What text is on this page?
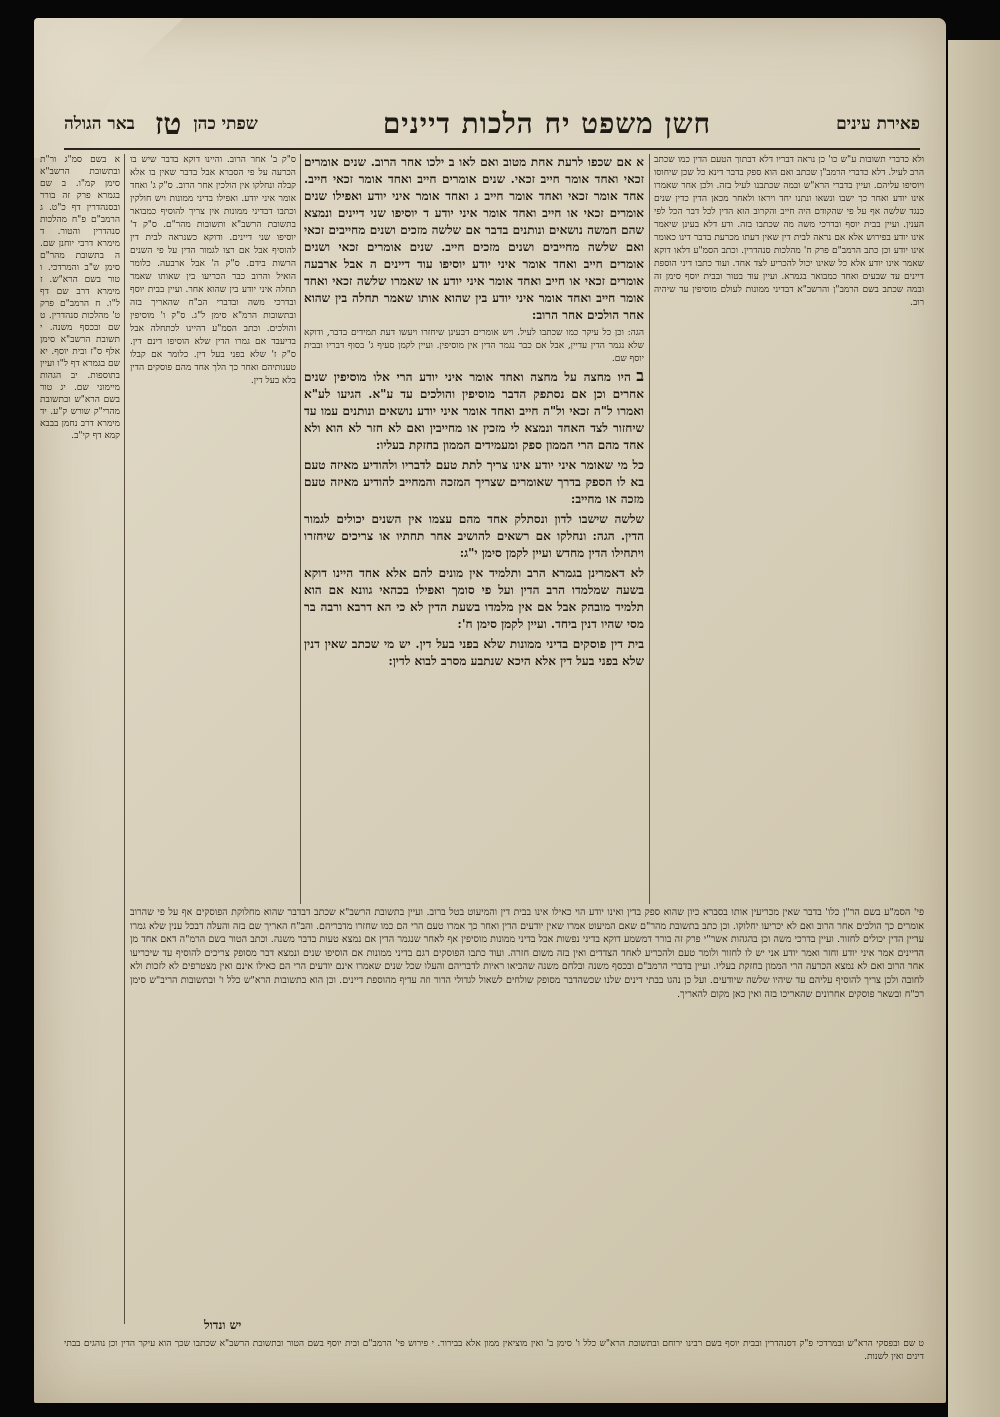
פאירת עינים
חשן משפט יח הלכות דיינים
שפתי כהן
טז
באר הגולה

ולא כדברי תשובות ע"ש כו' כן נראה דבריו דלא דבתוך הטעם הדין כמו שכתב הרב לעיל. דלא כדברי הרמב"ן שכתב ואם הוא ספק בדבר דינא כל שכן שיחוסו ויוסיפו עליהם. ועיין בדברי הרא"ש ובמה שכתבנו לעיל בזה. ולכן אחר שאמרו אינו יודע ואחר כך ישבו ונשאו ונתנו יחד ויראו ולאחר מכאן הדין כדין שנים כנגד שלשה אף על פי שהקודם היה חייב והקרוב הוא הדין לכל דבר הכל לפי הענין. ועיין בבית יוסף ובדרכי משה מה שכתבו בזה. ודע דלא בעינן שיאמר אינו יודע בפירוש אלא אם נראה לבית דין שאין דעתו מכרעת בדבר דינו כאומר אינו יודע וכן כתב הרמב"ם פרק ח' מהלכות סנהדרין. וכתב הסמ"ע דלאו דוקא שאמר אינו יודע אלא כל שאינו יכול להכריע לצד אחד. ועוד כתבו דיני הוספת דיינים עד שבעים ואחד כמבואר בגמרא. ועיין עוד בטור ובבית יוסף סימן זה ובמה שכתב בשם הרמב"ן והרשב"א דבדיני ממונות לעולם מוסיפין עד שיהיה רוב.

א אם שכפו לרעת אחת מטוב ואם לאו ב ילכו אחר הרוב. שנים אומרים זכאי ואחד אומר חייב זכאי. שנים אומרים חייב ואחד אומר זכאי חייב. אחד אומר זכאי ואחד אומר חייב ג ואחד אומר איני יודע ואפילו שנים אומרים זכאי או חייב ואחד אומר איני יודע ד יוסיפו שני דיינים ונמצא שהם חמשה נושאים ונותנים בדבר אם שלשה מזכים ושנים מחייבים זכאי ואם שלשה מחייבים ושנים מזכים חייב. שנים אומרים זכאי ושנים אומרים חייב ואחד אומר איני יודע יוסיפו עוד דיינים ה אבל ארבעה אומרים זכאי או חייב ואחד אומר איני יודע או שאמרו שלשה זכאי ואחד אומר חייב ואחד אומר איני יודע בין שהוא אותו שאמר תחלה בין שהוא אחר הולכים אחר הרוב:

הגה: וכן כל עיקר כמו שכתבו לעיל. ויש אומרים דבעינן שיחזרו ויעשו דעת תמידים בדבר, ודוקא שלא נגמר הדין עדיין, אבל אם כבר נגמר הדין אין מוסיפין. ועיין לקמן סעיף ג' בסוף דבריו ובבית יוסף שם.

ב היו מחצה על מחצה ואחד אומר איני יודע הרי אלו מוסיפין שנים אחרים וכן אם נסתפק הדבר מוסיפין והולכים עד ע"א. הגיעו לע"א ואמרו ל"ה זכאי ול"ה חייב ואחד אומר איני יודע נושאים ונותנים עמו עד שיחזור לצד האחד ונמצא לי מזכין או מחייבין ואם לא חזר לא הוא ולא אחד מהם הרי הממון ספק ומעמידים הממון בחזקת בעליו:

כל מי שאומר איני יודע אינו צריך לתת טעם לדבריו ולהודיע מאיזה טעם בא לו הספק בדרך שאומרים שצריך המזכה והמחייב להודיע מאיזה טעם מזכה או מחייב:

שלשה שישבו לדון ונסתלק אחד מהם עצמו אין השנים יכולים לגמור הדין. הגה: ונחלקו אם רשאים להושיב אחר תחתיו או צריכים שיחזרו ויתחילו הדין מחדש ועיין לקמן סימן י"ג:

לא דאמרינן בגמרא הרב ותלמיד אין מונים להם אלא אחד היינו דוקא בשעה שמלמדו הרב הדין ועל פי סומך ואפילו בכהאי גוונא אם הוא תלמיד מובהק אבל אם אין מלמדו בשעת הדין לא כי הא דרבא ורבה בר מסי שהיו דנין ביחד. ועיין לקמן סימן ח':

בית דין פוסקים בדיני ממונות שלא בפני בעל דין. יש מי שכתב שאין דנין שלא בפני בעל דין אלא היכא שנתבע מסרב לבוא לדין:

ס"ק ב' אחר הרוב. והיינו דוקא בדבר שיש בו הכרעה על פי הסברא אבל בדבר שאין בו אלא קבלה ונחלקו אין הולכין אחר הרוב. ס"ק ג' ואחד אומר איני יודע. ואפילו בדיני ממונות ויש חולקין וכתבו דבדיני ממונות אין צריך להוסיף כמבואר בתשובת הרשב"א ותשובות מהר"ם. ס"ק ד' יוסיפו שני דיינים. ודוקא כשנראה לבית דין להוסיף אבל אם רצו לגמור הדין על פי השנים הרשות בידם. ס"ק ה' אבל ארבעה. כלומר הואיל והרוב כבר הכריעו בין שאותו שאמר תחלה איני יודע בין שהוא אחר. ועיין בבית יוסף ובדרכי משה ובדברי הב"ח שהאריך בזה ובתשובות הרמ"א סימן ל"ג. ס"ק ו' מוסיפין והולכים. וכתב הסמ"ע דהיינו לכתחלה אבל בדיעבד אם גמרו הדין שלא הוסיפו דינם דין. ס"ק ז' שלא בפני בעל דין. כלומר אם קבלו טענותיהם ואחר כך הלך אחד מהם פוסקים הדין בלא בעל דין.

א בשם סמ"ג ור"ת ובתשובת הרשב"א סימן קמ"ו. ב שם בגמרא פרק זה בורר ובסנהדרין דף כ"ט. ג הרמב"ם פ"ח מהלכות סנהדרין והטור. ד מימרא דרבי יוחנן שם. ה בתשובת מהר"ם סימן ש"ב והמרדכי. ו טור בשם הרא"ש. ז מימרא דרב שם דף ל"ו. ח הרמב"ם פרק ט' מהלכות סנהדרין. ט שם ובכסף משנה. י תשובת הרשב"א סימן אלף ס"ז ובית יוסף. יא שם בגמרא דף ל"ו ועיין בתוספות. יב הגהות מיימוני שם. יג טור בשם הרא"ש ובתשובת מהרי"ק שורש ק"ע. יד מימרא דרב נחמן בבבא קמא דף קי"ב.

פי' הסמ"ע בשם הר"ן כלו' בדבר שאין מכריעין אותו בסברא כיון שהוא ספק בדין ואינו יודע הוי כאילו אינו בבית דין והמיעוט בטל ברוב. ועיין בתשובת הרשב"א שכתב דבדבר שהוא מחלוקת הפוסקים אף על פי שהרוב אומרים כך הולכים אחר הרוב ואם לא יכריעו יחלוקו. וכן כתב בתשובת מהר"ם שאם המיעוט אמרו שאין יודעים הדין ואחר כך אמרו טעם הרי הם כמו שחזרו מדבריהם. והב"ח האריך שם בזה והעלה דבכל ענין שלא גמרו עדיין הדין יכולים לחזור. ועיין בדרכי משה וכן בהגהות אשר"י פרק זה בורר דמשמע דוקא בדיני נפשות אבל בדיני ממונות מוסיפין אף לאחר שנגמר הדין אם נמצא טעות בדבר משנה. וכתב הטור בשם הרמ"ה דאם אחד מן הדיינים אמר איני יודע וחזר ואמר יודע אני יש לו לחזור ולומר טעם ולהכריע לאחד הצדדים ואין בזה משום חזרה. ועוד כתבו הפוסקים דגם בדיני ממונות אם הוסיפו שנים ונמצא דבר מסופק צריכים להוסיף עד שיכריעו אחר הרוב ואם לא נמצא הכרעה הרי הממון בחזקת בעליו. ועיין בדברי הרמב"ם ובכסף משנה ובלחם משנה שהביאו ראיות לדבריהם והעלו שכל שנים שאמרו אינם יודעים הרי הם כאילו אינם ואין מצטרפים לא לזכות ולא לחובה ולכן צריך להוסיף עליהם עד שיהיו שלשה שיודעים. ועל כן נהגו בבתי דינים שלנו שכשהדבר מסופק שולחים לשאול לגדולי הדור וזה עדיף מהוספת דיינים. וכן הוא בתשובות הרא"ש כלל ו' ובתשובות הריב"ש סימן רכ"ח ובשאר פוסקים אחרונים שהאריכו בזה ואין כאן מקום להאריך.

יש ונדול
ט שם ובפסקי הרא"ש ובמרדכי פ"ק דסנהדרין ובבית יוסף בשם רבינו ירוחם ובתשובת הרא"ש כלל ו' סימן ב' ואין מוציאין ממון אלא בבירור. י פירוש פי' הרמב"ם ובית יוסף בשם הטור ובתשובת הרשב"א שכתבו שכך הוא עיקר הדין וכן נוהגים בבתי דינים ואין לשנות.
